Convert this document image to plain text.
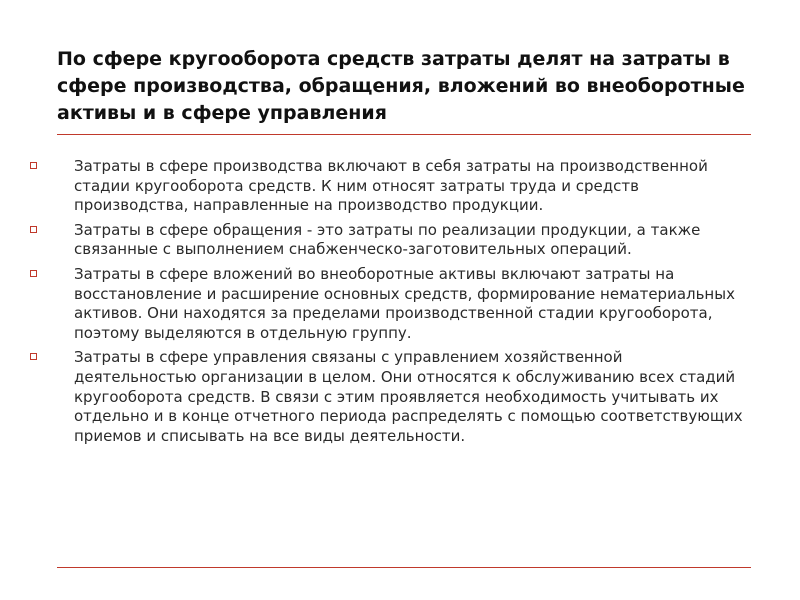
По сфере кругооборота средств затраты делят на затраты в сфере производства, обращения, вложений во внеоборотные активы и в сфере управления
Затраты в сфере производства включают в себя затраты на производственной стадии кругооборота средств. К ним относят затраты труда и средств производства, направленные на производство продукции.
Затраты в сфере обращения - это затраты по реализации продукции, а также связанные с выполнением снабженческо-заготовительных операций.
Затраты в сфере вложений во внеоборотные активы включают затраты на восстановление и расширение основных средств, формирование нематериальных активов. Они находятся за пределами производственной стадии кругооборота, поэтому выделяются в отдельную группу.
Затраты в сфере управления связаны с управлением хозяйственной деятельностью организации в целом. Они относятся к обслуживанию всех стадий кругооборота средств. В связи с этим проявляется необходимость учитывать их отдельно и в конце отчетного периода распределять с помощью соответствующих приемов и списывать на все виды деятельности.
